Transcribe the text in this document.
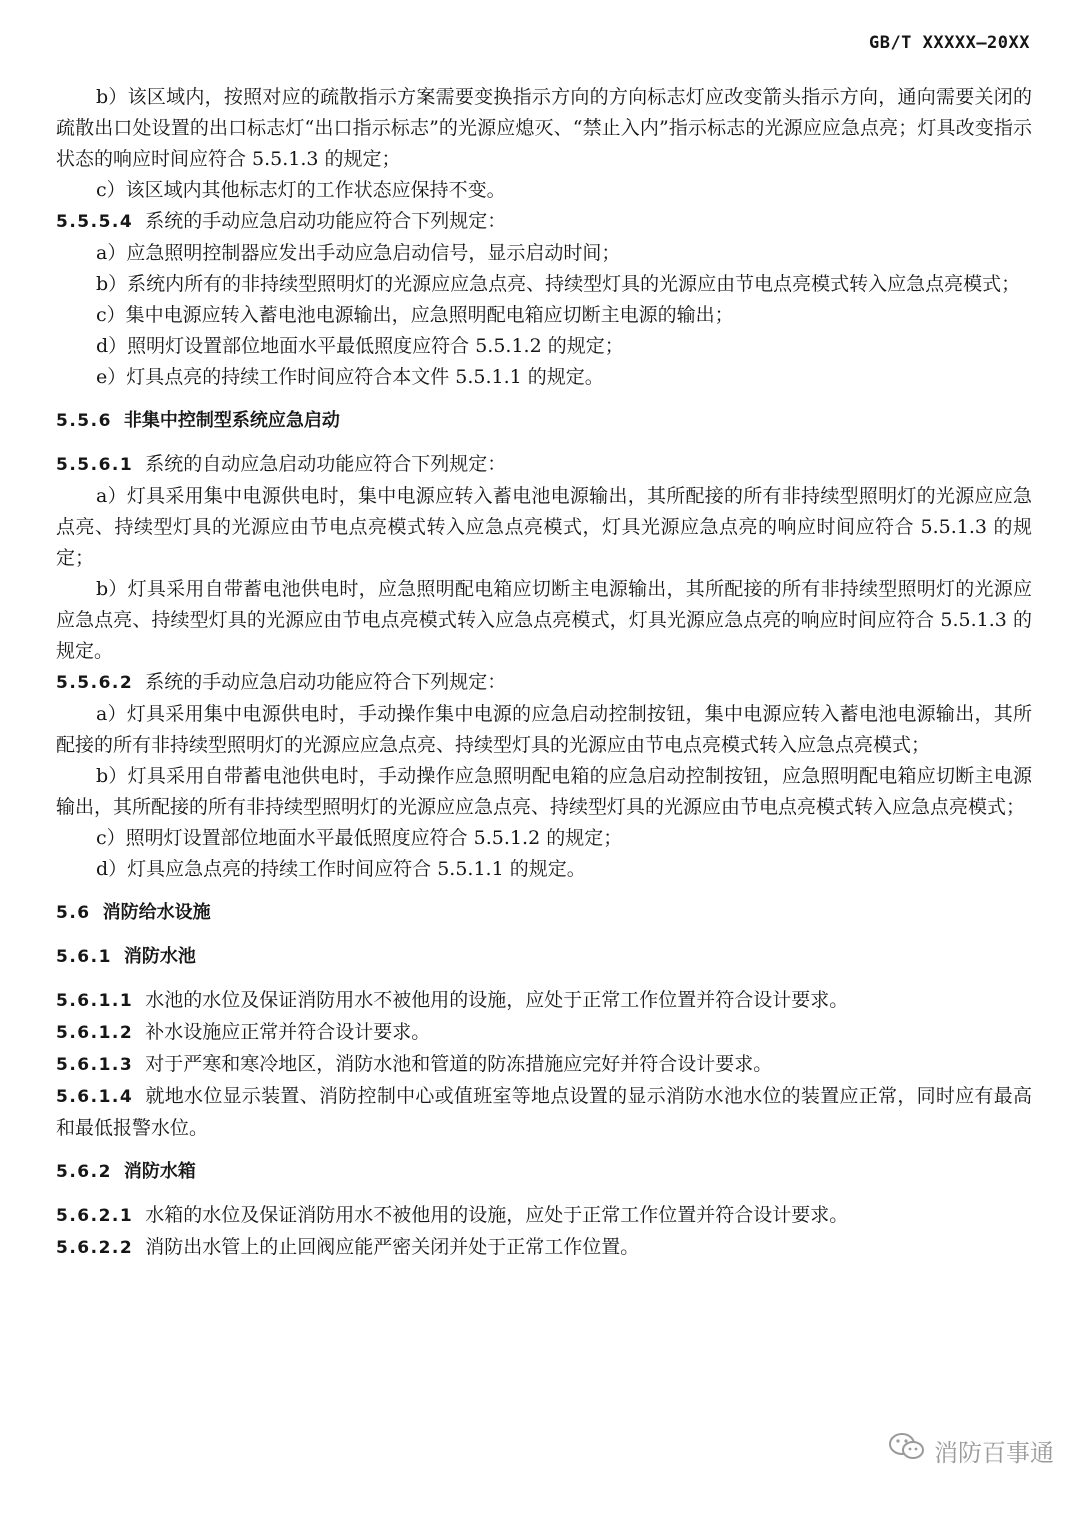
GB/T XXXXX—20XX

b）该区域内，按照对应的疏散指示方案需要变换指示方向的方向标志灯应改变箭头指示方向，通向需要关闭的疏散出口处设置的出口标志灯“出口指示标志”的光源应熄灭、“禁止入内”指示标志的光源应应急点亮；灯具改变指示状态的响应时间应符合 5.5.1.3 的规定；

c）该区域内其他标志灯的工作状态应保持不变。

5.5.5.4 系统的手动应急启动功能应符合下列规定：

a）应急照明控制器应发出手动应急启动信号，显示启动时间；

b）系统内所有的非持续型照明灯的光源应应急点亮、持续型灯具的光源应由节电点亮模式转入应急点亮模式；

c）集中电源应转入蓄电池电源输出，应急照明配电箱应切断主电源的输出；

d）照明灯设置部位地面水平最低照度应符合 5.5.1.2 的规定；

e）灯具点亮的持续工作时间应符合本文件 5.5.1.1 的规定。

5.5.6 非集中控制型系统应急启动

5.5.6.1 系统的自动应急启动功能应符合下列规定：

a）灯具采用集中电源供电时，集中电源应转入蓄电池电源输出，其所配接的所有非持续型照明灯的光源应应急点亮、持续型灯具的光源应由节电点亮模式转入应急点亮模式，灯具光源应急点亮的响应时间应符合 5.5.1.3 的规定；

b）灯具采用自带蓄电池供电时，应急照明配电箱应切断主电源输出，其所配接的所有非持续型照明灯的光源应应急点亮、持续型灯具的光源应由节电点亮模式转入应急点亮模式，灯具光源应急点亮的响应时间应符合 5.5.1.3 的规定。

5.5.6.2 系统的手动应急启动功能应符合下列规定：

a）灯具采用集中电源供电时，手动操作集中电源的应急启动控制按钮，集中电源应转入蓄电池电源输出，其所配接的所有非持续型照明灯的光源应应急点亮、持续型灯具的光源应由节电点亮模式转入应急点亮模式；

b）灯具采用自带蓄电池供电时，手动操作应急照明配电箱的应急启动控制按钮，应急照明配电箱应切断主电源输出，其所配接的所有非持续型照明灯的光源应应急点亮、持续型灯具的光源应由节电点亮模式转入应急点亮模式；

c）照明灯设置部位地面水平最低照度应符合 5.5.1.2 的规定；

d）灯具应急点亮的持续工作时间应符合 5.5.1.1 的规定。

5.6 消防给水设施

5.6.1 消防水池

5.6.1.1 水池的水位及保证消防用水不被他用的设施，应处于正常工作位置并符合设计要求。

5.6.1.2 补水设施应正常并符合设计要求。

5.6.1.3 对于严寒和寒冷地区，消防水池和管道的防冻措施应完好并符合设计要求。

5.6.1.4 就地水位显示装置、消防控制中心或值班室等地点设置的显示消防水池水位的装置应正常，同时应有最高和最低报警水位。

5.6.2 消防水箱

5.6.2.1 水箱的水位及保证消防用水不被他用的设施，应处于正常工作位置并符合设计要求。

5.6.2.2 消防出水管上的止回阀应能严密关闭并处于正常工作位置。

消防百事通
